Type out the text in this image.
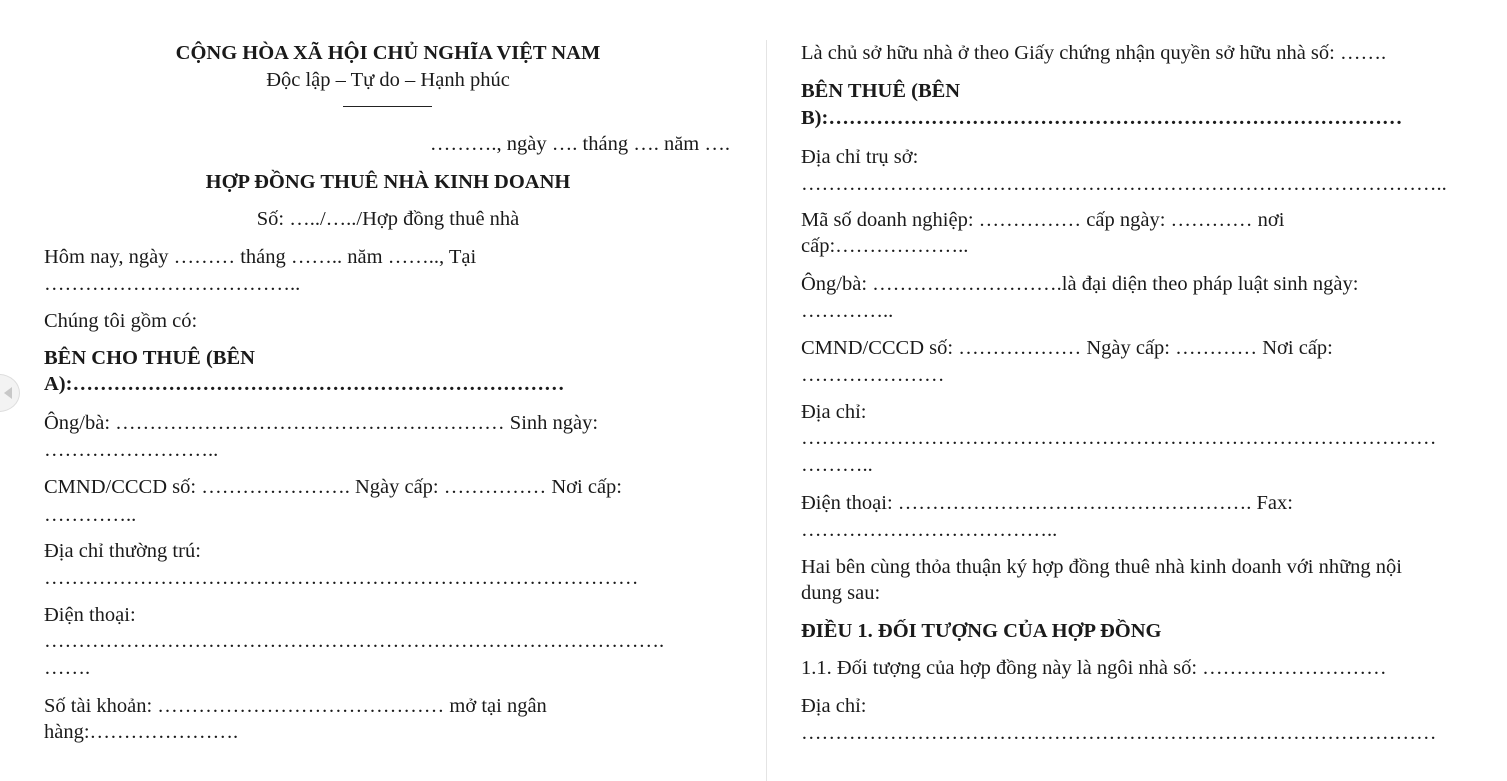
CỘNG HÒA XÃ HỘI CHỦ NGHĨA VIỆT NAM
Độc lập – Tự do – Hạnh phúc
………., ngày …. tháng …. năm ….
HỢP ĐỒNG THUÊ NHÀ KINH DOANH
Số: …../…../Hợp đồng thuê nhà
Hôm nay, ngày ……… tháng …….. năm …….., Tại
………………………………..
Chúng tôi gồm có:
BÊN CHO THUÊ (BÊN
A):………………………………………………………………
Ông/bà: ………………………………………………… Sinh ngày:
……………………..
CMND/CCCD số: …………………. Ngày cấp: …………… Nơi cấp:
…………..
Địa chỉ thường trú:
……………………………………………………………………………
Điện thoại:
……………………………………………………………………………….
…….
Số tài khoản: …………………………………… mở tại ngân
hàng:………………….
Là chủ sở hữu nhà ở theo Giấy chứng nhận quyền sở hữu nhà số: …….
BÊN THUÊ (BÊN
B):…………………………………………………………………………
Địa chỉ trụ sở:
…………………………………………………………………………………..
Mã số doanh nghiệp: …………… cấp ngày: ………… nơi
cấp:………………..
Ông/bà: ……………………….là đại diện theo pháp luật sinh ngày:
…………..
CMND/CCCD số: ……………… Ngày cấp: ………… Nơi cấp:
…………………
Địa chỉ:
…………………………………………………………………………………
………..
Điện thoại: ……………………………………………. Fax:
………………………………..
Hai bên cùng thỏa thuận ký hợp đồng thuê nhà kinh doanh với những nội
dung sau:
ĐIỀU 1. ĐỐI TƯỢNG CỦA HỢP ĐỒNG
1.1. Đối tượng của hợp đồng này là ngôi nhà số: ………………………
Địa chỉ:
…………………………………………………………………………………
